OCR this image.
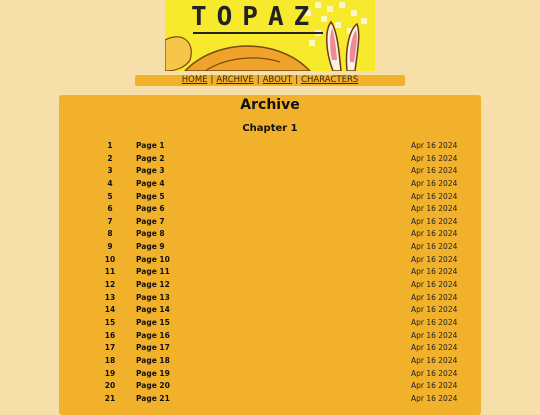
TOPAZ
HOME | ARCHIVE | ABOUT | CHARACTERS
Archive
Chapter 1
1	Page 1	Apr 16 2024
2	Page 2	Apr 16 2024
3	Page 3	Apr 16 2024
4	Page 4	Apr 16 2024
5	Page 5	Apr 16 2024
6	Page 6	Apr 16 2024
7	Page 7	Apr 16 2024
8	Page 8	Apr 16 2024
9	Page 9	Apr 16 2024
10	Page 10	Apr 16 2024
11	Page 11	Apr 16 2024
12	Page 12	Apr 16 2024
13	Page 13	Apr 16 2024
14	Page 14	Apr 16 2024
15	Page 15	Apr 16 2024
16	Page 16	Apr 16 2024
17	Page 17	Apr 16 2024
18	Page 18	Apr 16 2024
19	Page 19	Apr 16 2024
20	Page 20	Apr 16 2024
21	Page 21	Apr 16 2024
